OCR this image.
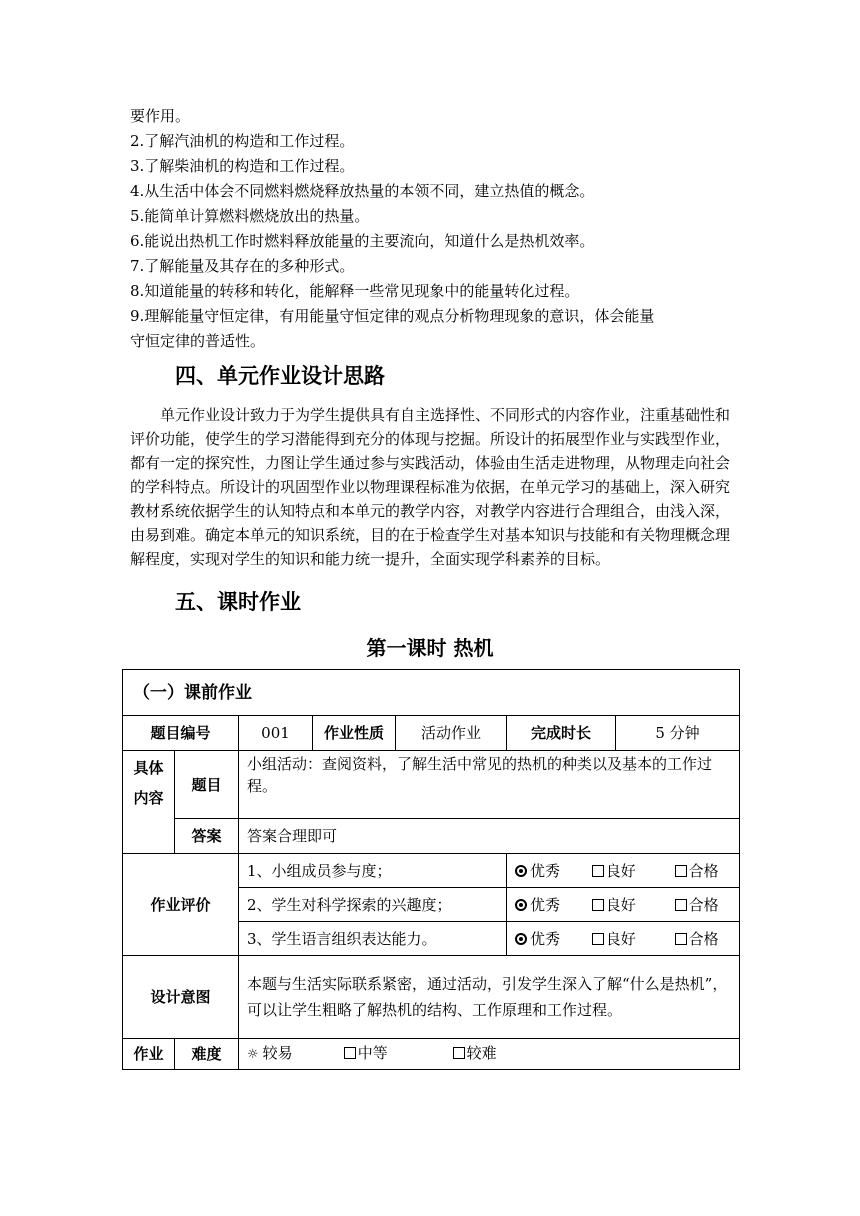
要作用。
2.了解汽油机的构造和工作过程。
3.了解柴油机的构造和工作过程。
4.从生活中体会不同燃料燃烧释放热量的本领不同，建立热值的概念。
5.能简单计算燃料燃烧放出的热量。
6.能说出热机工作时燃料释放能量的主要流向，知道什么是热机效率。
7.了解能量及其存在的多种形式。
8.知道能量的转移和转化，能解释一些常见现象中的能量转化过程。
9.理解能量守恒定律，有用能量守恒定律的观点分析物理现象的意识，体会能量
守恒定律的普适性。
四、单元作业设计思路
单元作业设计致力于为学生提供具有自主选择性、不同形式的内容作业，注重基础性和评价功能，使学生的学习潜能得到充分的体现与挖掘。所设计的拓展型作业与实践型作业，都有一定的探究性，力图让学生通过参与实践活动，体验由生活走进物理，从物理走向社会的学科特点。所设计的巩固型作业以物理课程标准为依据，在单元学习的基础上，深入研究教材系统依据学生的认知特点和本单元的教学内容，对教学内容进行合理组合，由浅入深，由易到难。确定本单元的知识系统，目的在于检查学生对基本知识与技能和有关物理概念理解程度，实现对学生的知识和能力统一提升，全面实现学科素养的目标。
五、课时作业
第一课时 热机
（一）课前作业						
题目编号		001	作业性质	活动作业	完成时长	5 分钟
具体内容	题目	小组活动：查阅资料，了解生活中常见的热机的种类以及基本的工作过程。				
	答案	答案合理即可				
作业评价		1、小组成员参与度；			优秀 良好 合格	
		2、学生对科学探索的兴趣度；			优秀 良好 合格	
		3、学生语言组织表达能力。			优秀 良好 合格	
设计意图		本题与生活实际联系紧密，通过活动，引发学生深入了解“什么是热机”，可以让学生粗略了解热机的结构、工作原理和工作过程。				
作业	难度	☼ 较易 中等 较难				
